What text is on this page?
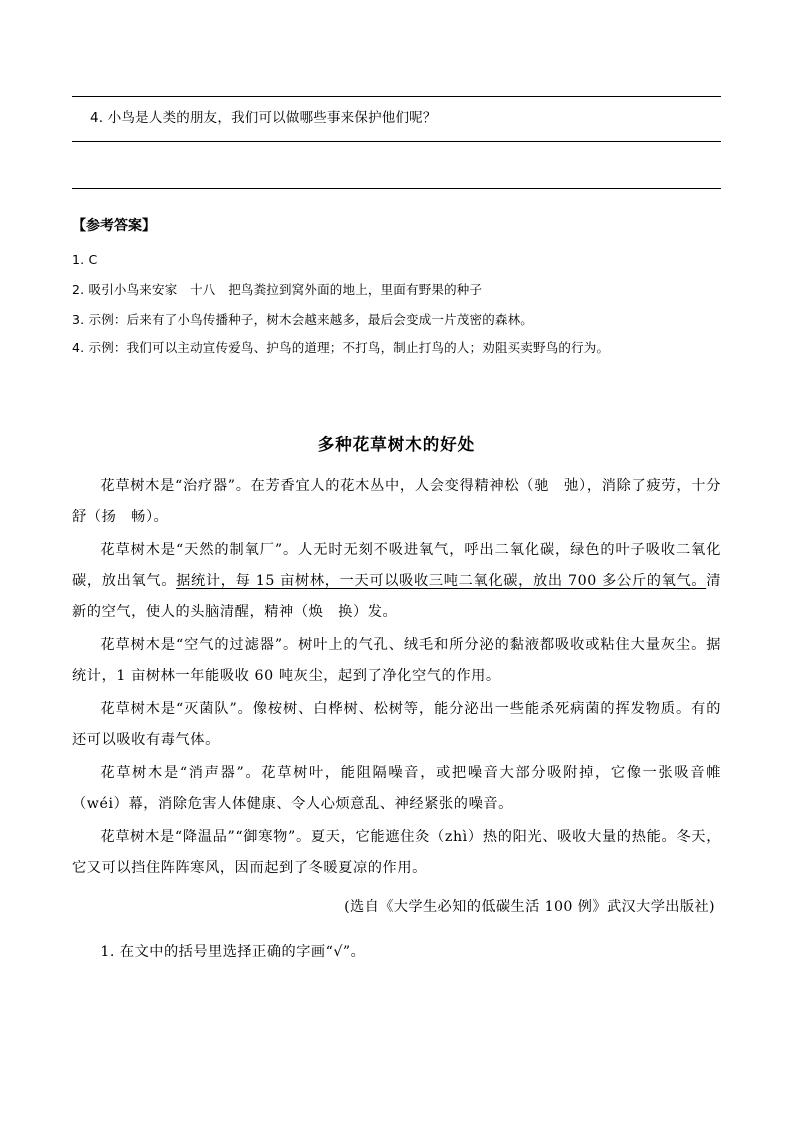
4. 小鸟是人类的朋友，我们可以做哪些事来保护他们呢？
【参考答案】
1. C
2. 吸引小鸟来安家　十八　把鸟粪拉到窝外面的地上，里面有野果的种子
3. 示例：后来有了小鸟传播种子，树木会越来越多，最后会变成一片茂密的森林。
4. 示例：我们可以主动宣传爱鸟、护鸟的道理；不打鸟，制止打鸟的人；劝阻买卖野鸟的行为。
多种花草树木的好处

花草树木是“治疗器”。在芳香宜人的花木丛中，人会变得精神松（驰　弛），消除了疲劳，十分舒（扬　畅）。

花草树木是“天然的制氧厂”。人无时无刻不吸进氧气，呼出二氧化碳，绿色的叶子吸收二氧化碳，放出氧气。据统计，每 15 亩树林，一天可以吸收三吨二氧化碳，放出 700 多公斤的氧气。清新的空气，使人的头脑清醒，精神（焕　换）发。

花草树木是“空气的过滤器”。树叶上的气孔、绒毛和所分泌的黏液都吸收或粘住大量灰尘。据统计，1 亩树林一年能吸收 60 吨灰尘，起到了净化空气的作用。

花草树木是“灭菌队”。像桉树、白桦树、松树等，能分泌出一些能杀死病菌的挥发物质。有的还可以吸收有毒气体。

花草树木是“消声器”。花草树叶，能阻隔噪音，或把噪音大部分吸附掉，它像一张吸音帷（wéi）幕，消除危害人体健康、令人心烦意乱、神经紧张的噪音。

花草树木是“降温品”“御寒物”。夏天，它能遮住灸（zhì）热的阳光、吸收大量的热能。冬天，它又可以挡住阵阵寒风，因而起到了冬暖夏凉的作用。

(选自《大学生必知的低碳生活 100 例》武汉大学出版社)
1. 在文中的括号里选择正确的字画“√”。
